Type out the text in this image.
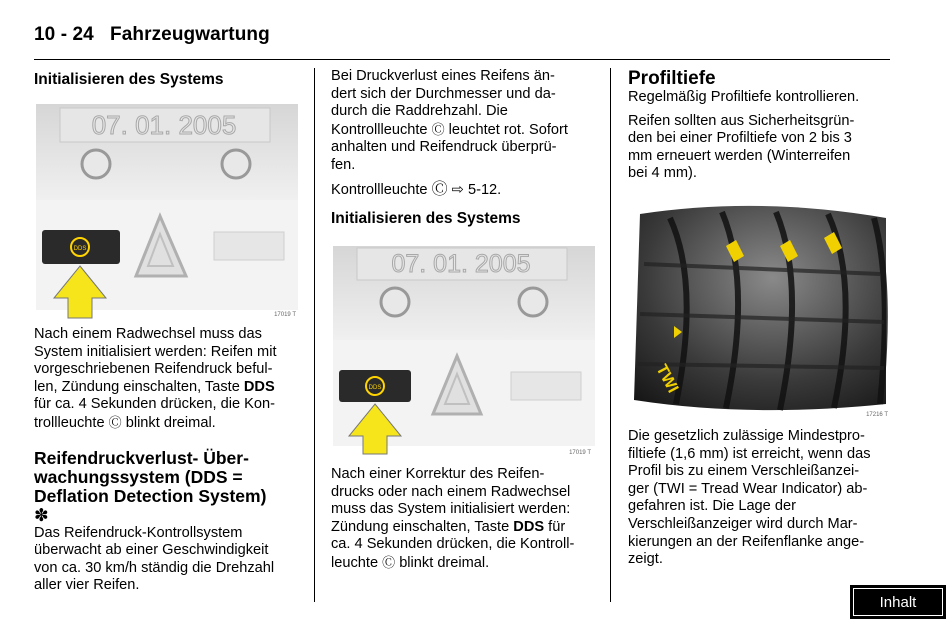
10 - 24 Fahrzeugwartung
Initialisieren des Systems
07. 01. 2005
DDS
17019 T

Nach einem Radwechsel muss das
System initialisiert werden: Reifen mit
vorgeschriebenen Reifendruck beful-
len, Zündung einschalten, Taste DDS
für ca. 4 Sekunden drücken, die Kon-
trollleuchte Ⓒ blinkt dreimal.

Reifendruckverlust- Über-
wachungssystem (DDS =
Deflation Detection System)
✽

Das Reifendruck-Kontrollsystem
überwacht ab einer Geschwindigkeit
von ca. 30 km/h ständig die Drehzahl
aller vier Reifen.

Bei Druckverlust eines Reifens än-
dert sich der Durchmesser und da-
durch die Raddrehzahl. Die
Kontrollleuchte Ⓒ leuchtet rot. Sofort
anhalten und Reifendruck überprü-
fen.

Kontrollleuchte Ⓒ ⇨ 5-12.

Initialisieren des Systems
07. 01. 2005
DDS
17019 T

Nach einer Korrektur des Reifen-
drucks oder nach einem Radwechsel
muss das System initialisiert werden:
Zündung einschalten, Taste DDS für
ca. 4 Sekunden drücken, die Kontroll-
leuchte Ⓒ blinkt dreimal.

Profiltiefe

Regelmäßig Profiltiefe kontrollieren.

Reifen sollten aus Sicherheitsgrün-
den bei einer Profiltiefe von 2 bis 3
mm erneuert werden (Winterreifen
bei 4 mm).

TWI
17216 T

Die gesetzlich zulässige Mindestpro-
filtiefe (1,6 mm) ist erreicht, wenn das
Profil bis zu einem Verschleißanzei-
ger (TWI = Tread Wear Indicator) ab-
gefahren ist. Die Lage der
Verschleißanzeiger wird durch Mar-
kierungen an der Reifenflanke ange-
zeigt.

Inhalt
